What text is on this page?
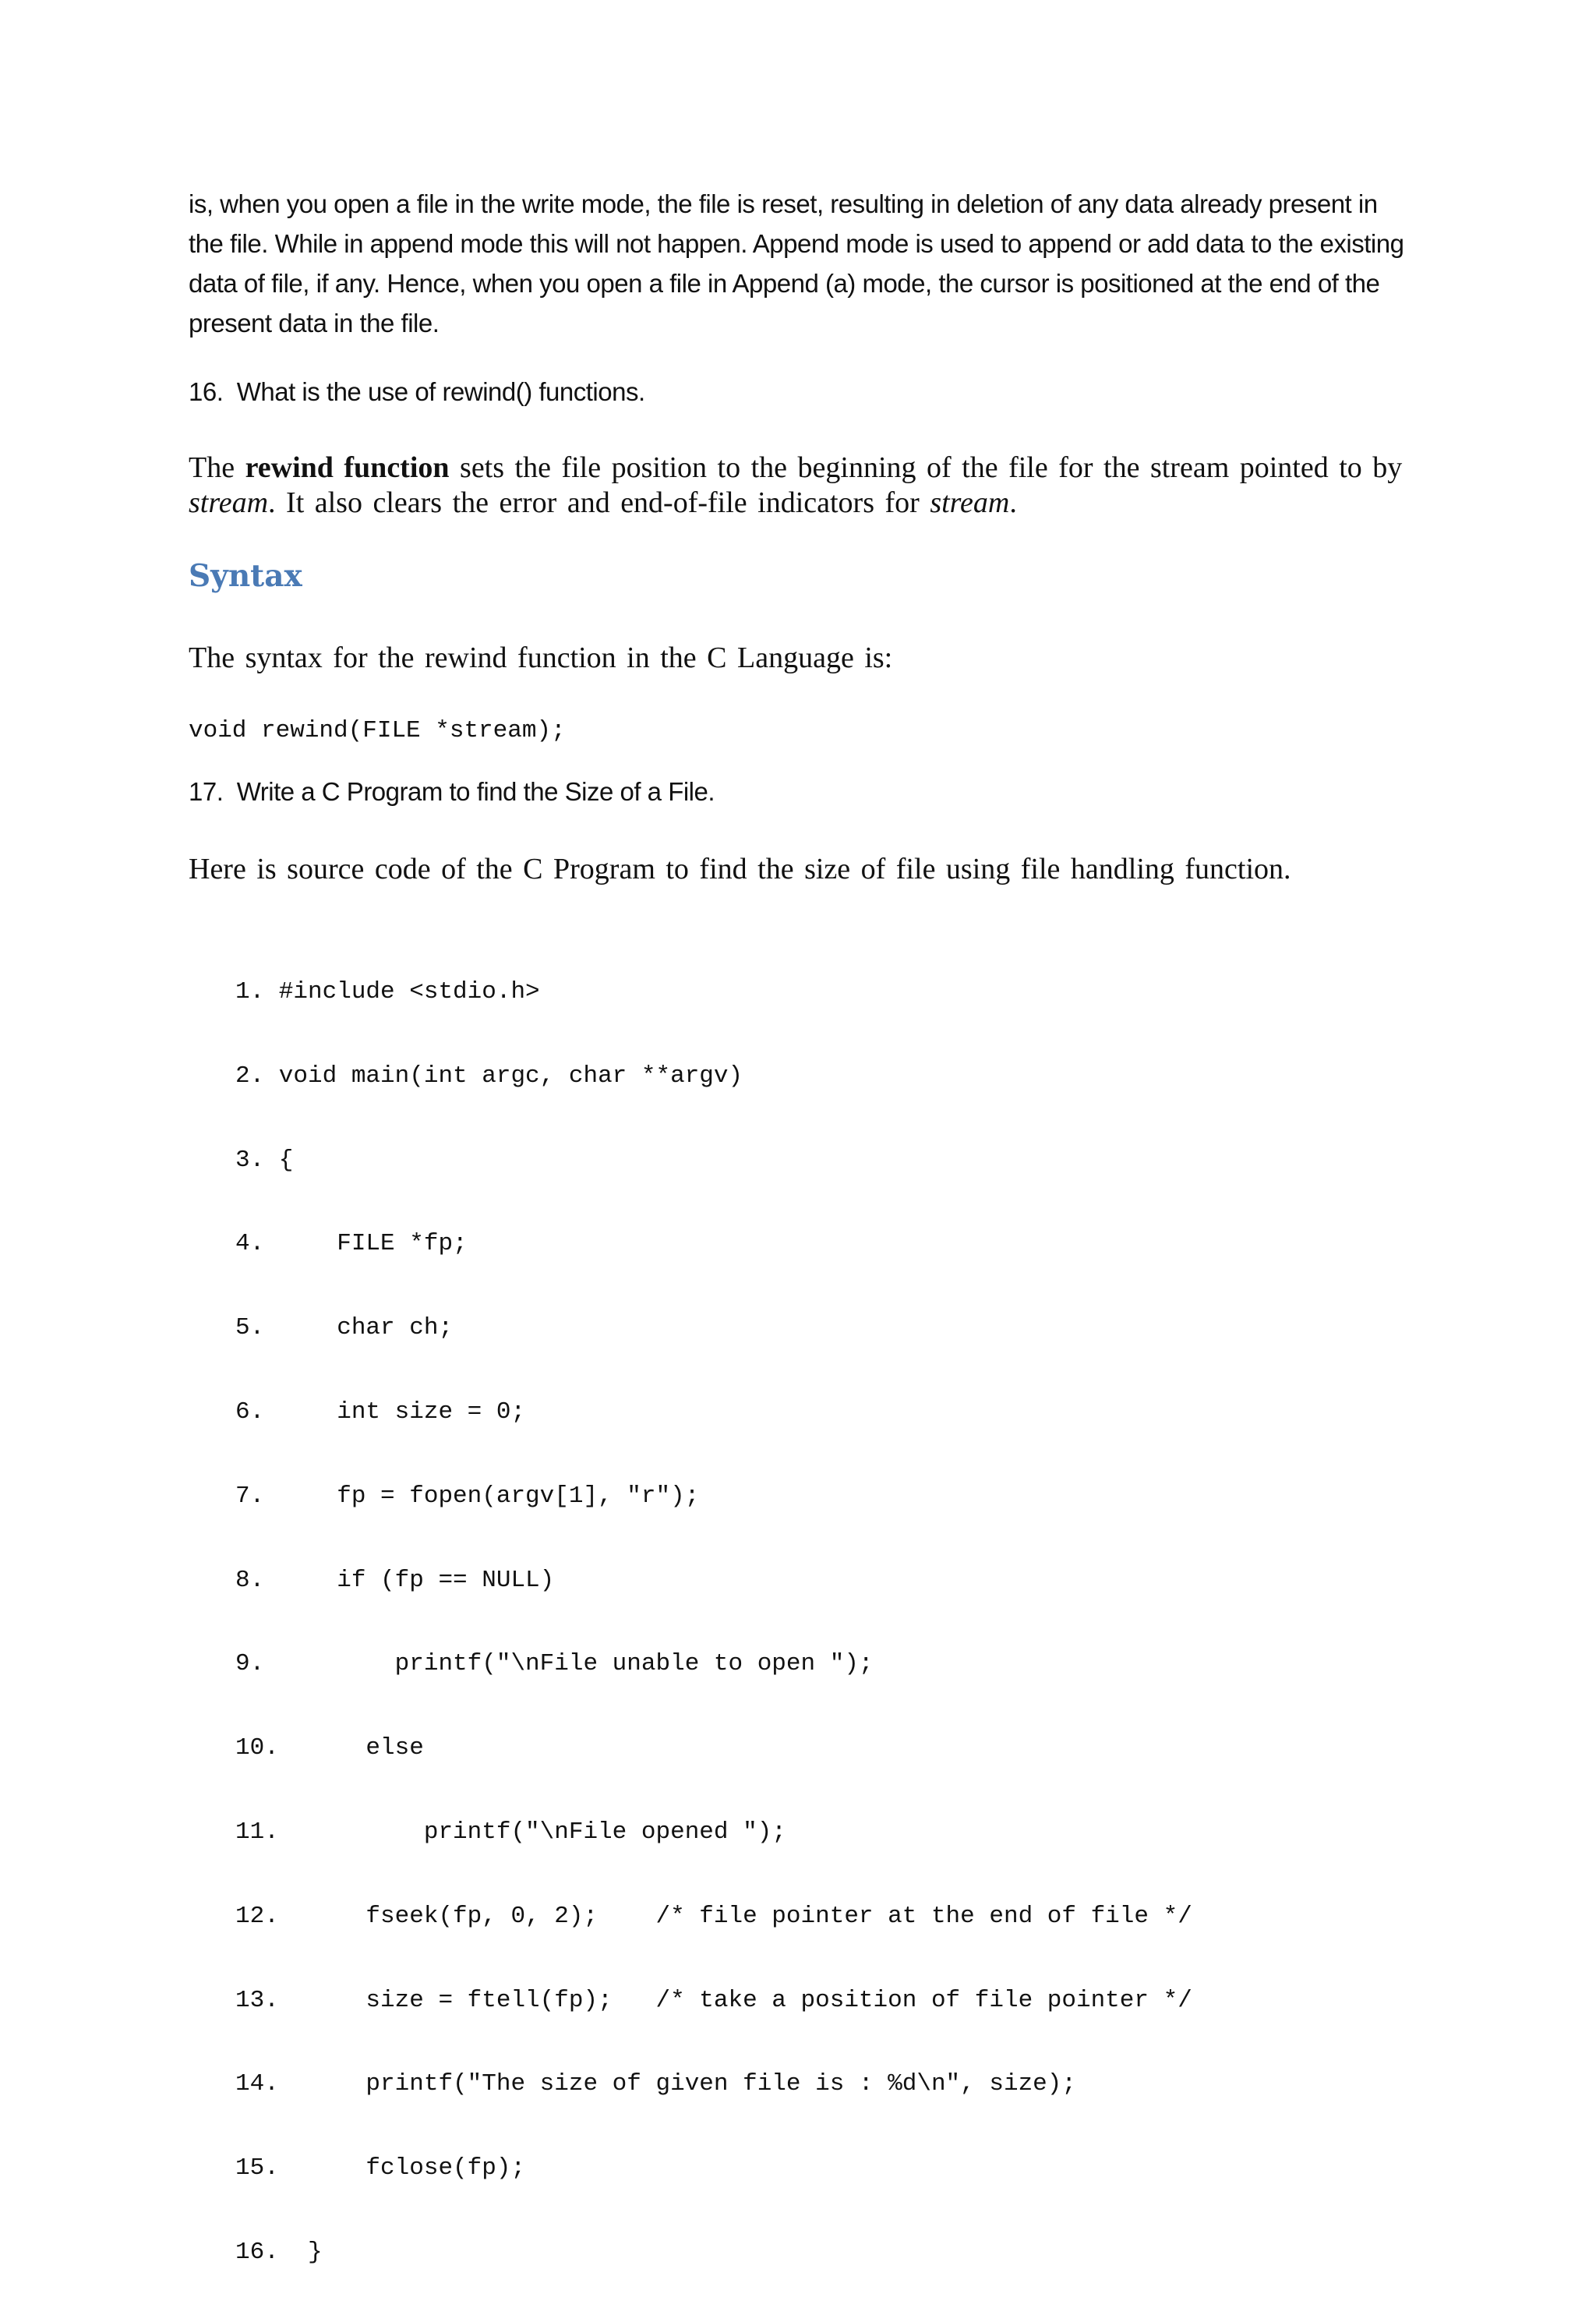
is, when you open a file in the write mode, the file is reset, resulting in deletion of any data already present in the file. While in append mode this will not happen. Append mode is used to append or add data to the existing data of file, if any. Hence, when you open a file in Append (a) mode, the cursor is positioned at the end of the present data in the file.

16. What is the use of rewind() functions.

The rewind function sets the file position to the beginning of the file for the stream pointed to by stream. It also clears the error and end-of-file indicators for stream.

Syntax

The syntax for the rewind function in the C Language is:

void rewind(FILE *stream);

17. Write a C Program to find the Size of a File.

Here is source code of the C Program to find the size of file using file handling function.

1. #include <stdio.h>

2. void main(int argc, char **argv)

3. {

4.     FILE *fp;

5.     char ch;

6.     int size = 0;

7.     fp = fopen(argv[1], "r");

8.     if (fp == NULL)

9.         printf("\nFile unable to open ");

10.      else

11.          printf("\nFile opened ");

12.      fseek(fp, 0, 2);    /* file pointer at the end of file */

13.      size = ftell(fp);   /* take a position of file pointer */

14.      printf("The size of given file is : %d\n", size);

15.      fclose(fp);

16.  }
